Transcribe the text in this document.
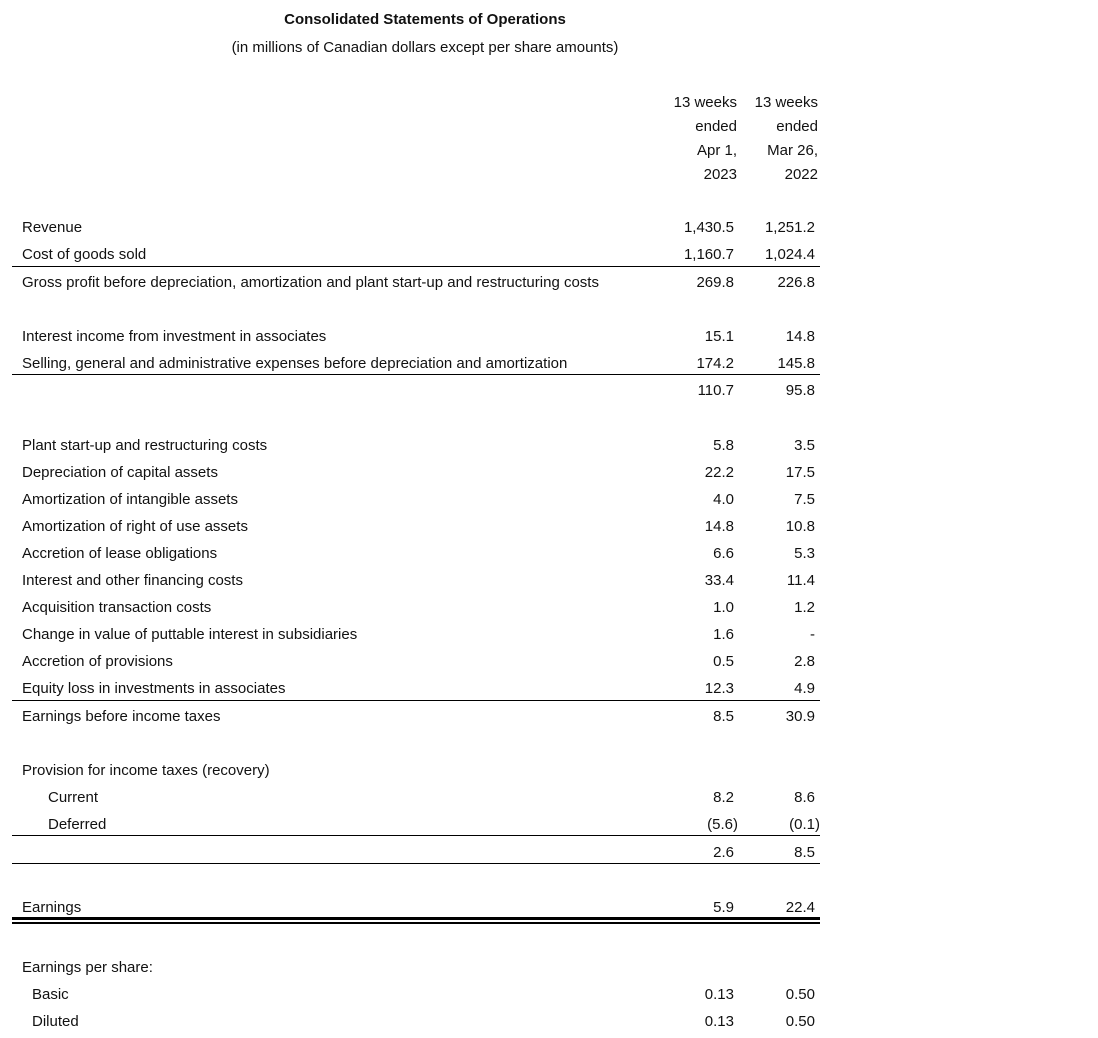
Consolidated Statements of Operations
(in millions of Canadian dollars except per share amounts)
13 weeks
ended
Apr 1,
2023
13 weeks
ended
Mar 26,
2022
Revenue	1,430.5 1,251.2
Cost of goods sold	1,160.7 1,024.4
Gross profit before depreciation, amortization and plant start-up and restructuring costs	269.8	226.8
Interest income from investment in associates	15.1	14.8
Selling, general and administrative expenses before depreciation and amortization	174.2	145.8
110.7	95.8
Plant start-up and restructuring costs	5.8	3.5
Depreciation of capital assets	22.2	17.5
Amortization of intangible assets	4.0	7.5
Amortization of right of use assets	14.8	10.8
Accretion of lease obligations	6.6	5.3
Interest and other financing costs	33.4	11.4
Acquisition transaction costs	1.0	1.2
Change in value of puttable interest in subsidiaries	1.6	-
Accretion of provisions	0.5	2.8
Equity loss in investments in associates	12.3	4.9
Earnings before income taxes	8.5	30.9
Provision for income taxes (recovery)
Current	8.2	8.6
Deferred	(5.6)	(0.1)
2.6	8.5
Earnings	5.9	22.4
Earnings per share:
Basic	0.13	0.50
Diluted	0.13	0.50
